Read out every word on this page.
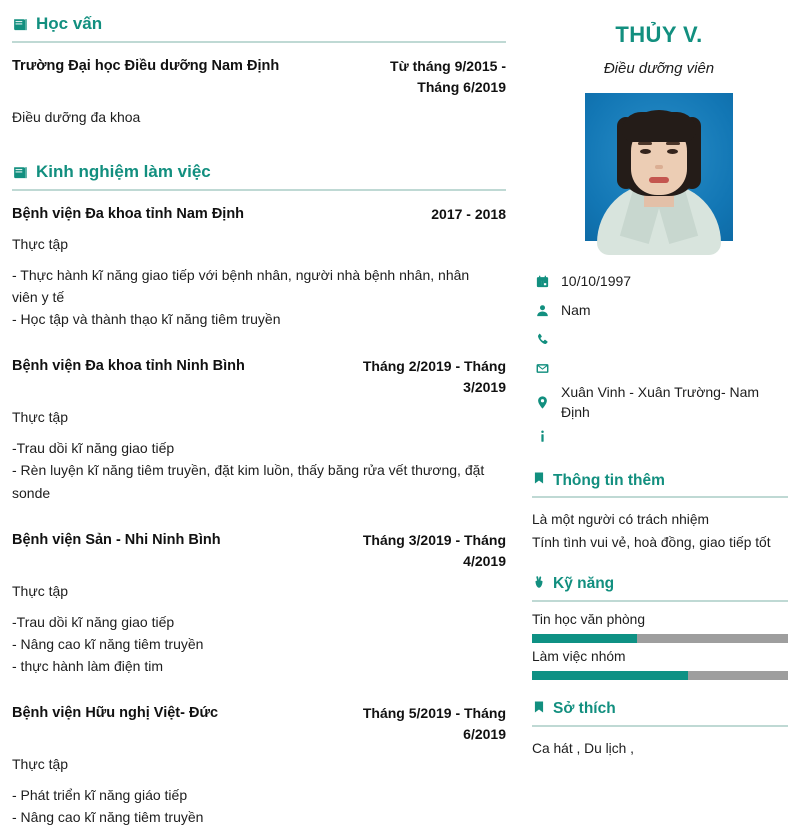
Học vấn
Trường Đại học Điều dưỡng Nam Định	Từ tháng 9/2015 - Tháng 6/2019
Điều dưỡng đa khoa
Kinh nghiệm làm việc
Bệnh viện Đa khoa tỉnh Nam Định	2017 - 2018
Thực tập
- Thực hành kĩ năng giao tiếp với bệnh nhân, người nhà bệnh nhân, nhân viên y tế
- Học tập và thành thạo kĩ năng tiêm truyền
Bệnh viện Đa khoa tỉnh Ninh Bình	Tháng 2/2019 - Tháng 3/2019
Thực tập
-Trau dồi kĩ năng giao tiếp
- Rèn luyện kĩ năng tiêm truyền, đặt kim luồn, thấy băng rửa vết thương, đặt sonde
Bệnh viện Sản - Nhi Ninh Bình	Tháng 3/2019 - Tháng 4/2019
Thực tập
-Trau dồi kĩ năng giao tiếp
- Nâng cao kĩ năng tiêm truyền
- thực hành làm điện tim
Bệnh viện Hữu nghị Việt- Đức	Tháng 5/2019 - Tháng 6/2019
Thực tập
- Phát triển kĩ năng giáo tiếp
- Nâng cao kĩ năng tiêm truyền
THỦY V.
Điều dưỡng viên
10/10/1997
Nam
Xuân Vinh - Xuân Trường- Nam Định
Thông tin thêm
Là một người có trách nhiệm
Tính tình vui vẻ, hoà đồng, giao tiếp tốt
Kỹ năng
Tin học văn phòng
Làm việc nhóm
Sở thích
Ca hát , Du lịch ,
